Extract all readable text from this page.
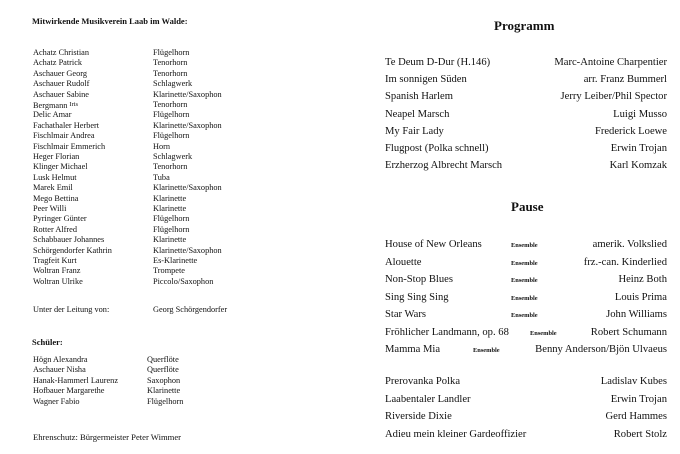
Mitwirkende Musikverein Laab im Walde:
Achatz Christian	Flügelhorn
Achatz Patrick	Tenorhorn
Aschauer Georg	Tenorhorn
Aschauer Rudolf	Schlagwerk
Aschauer Sabine	Klarinette/Saxophon
Bergmann $^{Iris}$	Tenorhorn
Delic Amar	Flügelhorn
Fachathaler Herbert	Klarinette/Saxophon
Fischlmair Andrea	Flügelhorn
Fischlmair Emmerich	Horn
Heger Florian	Schlagwerk
Klinger Michael	Tenorhorn
Lusk Helmut	Tuba
Marek Emil	Klarinette/Saxophon
Mego Bettina	Klarinette
Peer Willi	Klarinette
Pyringer Günter	Flügelhorn
Rotter Alfred	Flügelhorn
Schabbauer Johannes	Klarinette
Schörgendorfer Kathrin	Klarinette/Saxophon
Tragfeit Kurt	Es-Klarinette
Woltran Franz	Trompete
Woltran Ulrike	Piccolo/Saxophon
Unter der Leitung von:	Georg Schörgendorfer
Schüler:
Högn Alexandra	Querflöte
Aschauer Nisha	Querflöte
Hanak-Hammerl Laurenz	Saxophon
Hofbauer Margarethe	Klarinette
Wagner Fabio	Flügelhorn
Ehrenschutz: Bürgermeister Peter Wimmer
Programm
Te Deum D-Dur (H.146)	Marc-Antoine Charpentier
Im sonnigen Süden	arr. Franz Bummerl
Spanish Harlem	Jerry Leiber/Phil Spector
Neapel Marsch	Luigi Musso
My Fair Lady	Frederick Loewe
Flugpost (Polka schnell)	Erwin Trojan
Erzherzog Albrecht Marsch	Karl Komzak
Pause
House of New Orleans	Ensemble	amerik. Volkslied
Alouette	Ensemble	frz.-can. Kinderlied
Non-Stop Blues	Ensemble	Heinz Both
Sing Sing Sing	Ensemble	Louis Prima
Star Wars	Ensemble	John Williams
Fröhlicher Landmann, op. 68	Ensemble	Robert Schumann
Mamma Mia	Ensemble	Benny Anderson/Bjön Ulvaeus
Prerovanka Polka	Ladislav Kubes
Laabentaler Landler	Erwin Trojan
Riverside Dixie	Gerd Hammes
Adieu mein kleiner Gardeoffizier	Robert Stolz
